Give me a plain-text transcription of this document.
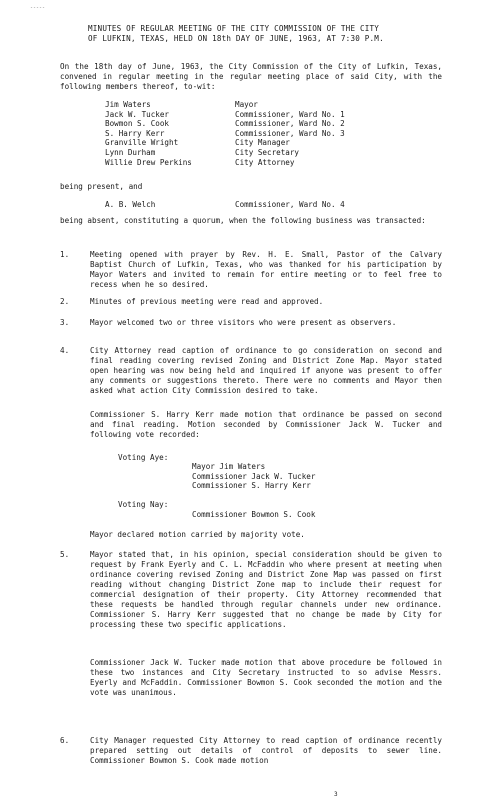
-----
MINUTES OF REGULAR MEETING OF THE CITY COMMISSION OF THE CITY
OF LUFKIN, TEXAS, HELD ON 18th DAY OF JUNE, 1963, AT 7:30 P.M.
On the 18th day of June, 1963, the City Commission of the City of Lufkin, Texas, convened in regular meeting in the regular meeting place of said City, with the following members thereof, to-wit:
Jim Waters	Mayor
Jack W. Tucker	Commissioner, Ward No. 1
Bowmon S. Cook	Commissioner, Ward No. 2
S. Harry Kerr	Commissioner, Ward No. 3
Granville Wright	City Manager
Lynn Durham	City Secretary
Willie Drew Perkins	City Attorney
being present, and
A. B. Welch	Commissioner, Ward No. 4
being absent, constituting a quorum, when the following business was transacted:
1.	Meeting opened with prayer by Rev. H. E. Small, Pastor of the Calvary Baptist Church of Lufkin, Texas, who was thanked for his participation by Mayor Waters and invited to remain for entire meeting or to feel free to recess when he so desired.
2.	Minutes of previous meeting were read and approved.
3.	Mayor welcomed two or three visitors who were present as observers.
4.	City Attorney read caption of ordinance to go consideration on second and final reading covering revised Zoning and District Zone Map. Mayor stated open hearing was now being held and inquired if anyone was present to offer any comments or suggestions thereto. There were no comments and Mayor then asked what action City Commission desired to take.
Commissioner S. Harry Kerr made motion that ordinance be passed on second and final reading. Motion seconded by Commissioner Jack W. Tucker and following vote recorded:
Voting Aye:
Mayor Jim Waters
Commissioner Jack W. Tucker
Commissioner S. Harry Kerr
Voting Nay:
Commissioner Bowmon S. Cook
Mayor declared motion carried by majority vote.
5.	Mayor stated that, in his opinion, special consideration should be given to request by Frank Eyerly and C. L. McFaddin who where present at meeting when ordinance covering revised Zoning and District Zone Map was passed on first reading without changing District Zone map to include their request for commercial designation of their property. City Attorney recommended that these requests be handled through regular channels under new ordinance. Commissioner S. Harry Kerr suggested that no change be made by City for processing these two specific applications.
Commissioner Jack W. Tucker made motion that above procedure be followed in these two instances and City Secretary instructed to so advise Messrs. Eyerly and McFaddin. Commissioner Bowmon S. Cook seconded the motion and the vote was unanimous.
6.	City Manager requested City Attorney to read caption of ordinance recently prepared setting out details of control of deposits to sewer line. Commissioner Bowmon S. Cook made motion
3
